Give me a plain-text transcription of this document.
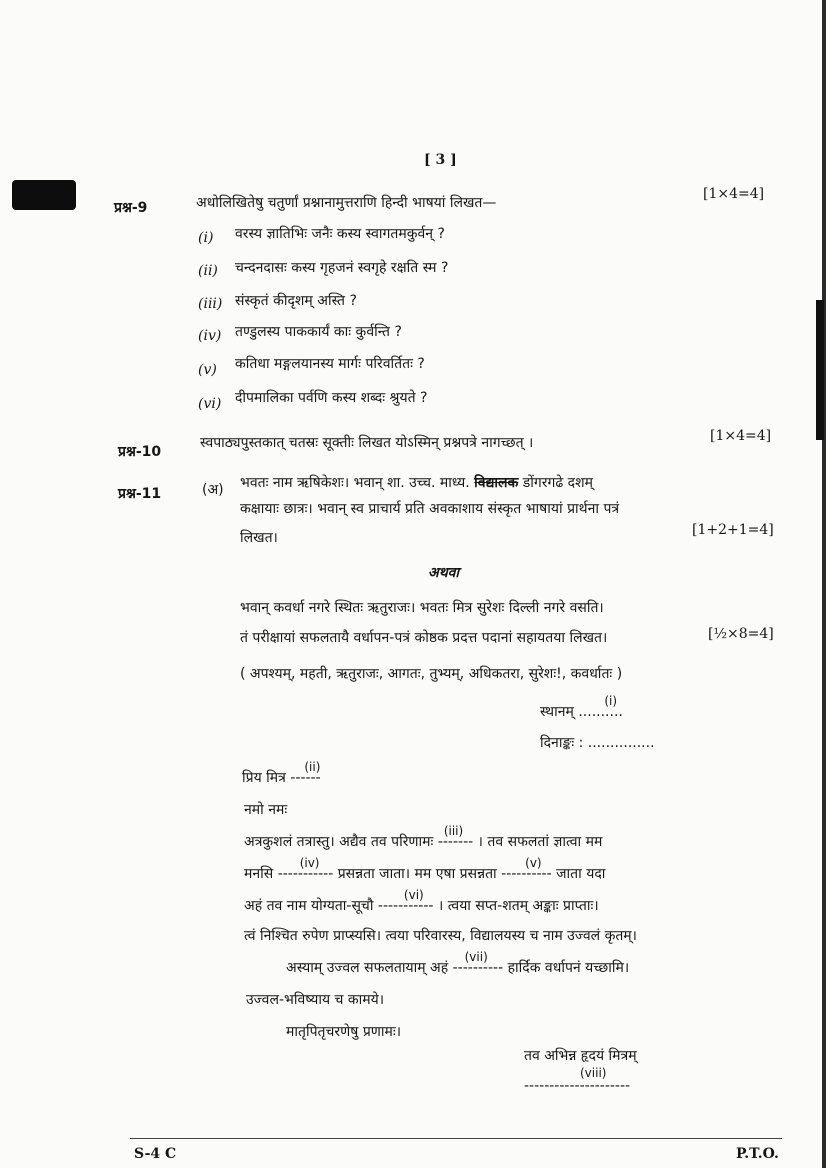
[ 3 ]
प्रश्न-9	अधोलिखितेषु चतुर्णां प्रश्नानामुत्तराणि हिन्दी भाषयां लिखत—
[1×4=4]
(i) वरस्य ज्ञातिभिः जनैः कस्य स्वागतमकुर्वन् ?
(ii) चन्दनदासः कस्य गृहजनं स्वगृहे रक्षति स्म ?
(iii) संस्कृतं कीदृशम् अस्ति ?
(iv) तण्डुलस्य पाककार्यं काः कुर्वन्ति ?
(v) कतिधा मङ्गलयानस्य मार्गः परिवर्तितः ?
(vi) दीपमालिका पर्वणि कस्य शब्दः श्रुयते ?
प्रश्न-10
स्वपाठ्यपुस्तकात् चतस्रः सूक्तीः लिखत योऽस्मिन् प्रश्नपत्रे नागच्छत् ।	[1×4=4]
प्रश्न-11	(अ) भवतः नाम ऋषिकेशः। भवान् शा. उच्च. माध्य. विद्यालक डोंगरगढे दशम्
कक्षायाः छात्रः। भवान् स्व प्राचार्य प्रति अवकाशाय संस्कृत भाषायां प्रार्थना पत्रं
लिखत।	[1+2+1=4]
अथवा
भवान् कवर्धा नगरे स्थितः ऋतुराजः। भवतः मित्र सुरेशः दिल्ली नगरे वसति।
तं परीक्षायां सफलतायै वर्धापन-पत्रं कोष्ठक प्रदत्त पदानां सहायतया लिखत।	[½×8=4]
( अपश्यम्, महती, ऋतुराजः, आगतः, तुभ्यम्, अधिकतरा, सुरेशः!, कवर्धातः )
स्थानम्
(i)
..........
दिनाङ्कः : ...............
प्रिय मित्र
(ii)
------
नमो नमः
अत्रकुशलं तत्रास्तु। अद्यैव तव परिणामः
(iii)
------- । तव सफलतां ज्ञात्वा मम
मनसि
(iv)
----------- प्रसन्नता जाता। मम एषा प्रसन्नता
(v)
---------- जाता यदा
अहं तव नाम योग्यता-सूचौ
(vi)
----------- । त्वया सप्त-शतम् अङ्काः प्राप्ताः।
त्वं निश्चित रुपेण प्राप्स्यसि। त्वया परिवारस्य, विद्यालयस्य च नाम उज्वलं कृतम्।
अस्याम् उज्वल सफलतायाम् अहं
(vii)
---------- हार्दिक वर्धापनं यच्छामि।
उज्वल-भविष्याय च कामये।
मातृपितृचरणेषु प्रणामः।
तव अभिन्न हृदयं मित्रम्
(viii)
---------------------
S-4 C	P.T.O.
